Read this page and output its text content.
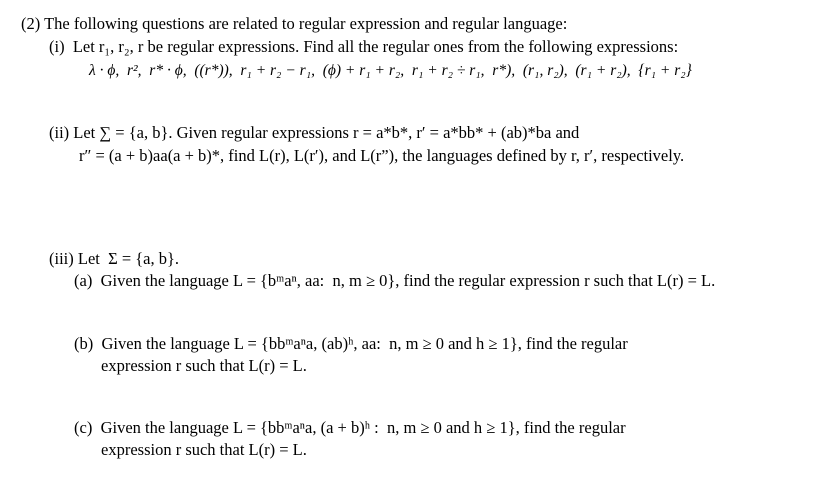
(2) The following questions are related to regular expression and regular language:
(i)  Let r₁, r₂, r be regular expressions. Find all the regular ones from the following expressions:
λ · ϕ,  r²,  r* · ϕ,  ((r*)),  r₁ + r₂ − r₁,  (ϕ) + r₁ + r₂,  r₁ + r₂ ÷ r₁,  r*),  (r₁, r₂),  (r₁ + r₂),  {r₁ + r₂}
(ii) Let ∑ = {a, b}. Given regular expressions r = a*b*, r′ = a*bb* + (ab)*ba and
r″ = (a + b)aa(a + b)*, find L(r), L(r′), and L(r”), the languages defined by r, r′, respectively.
(iii) Let  Σ = {a, b}.
(a)  Given the language L = {bᵐaⁿ, aa:  n, m ≥ 0}, find the regular expression r such that L(r) = L.
(b)  Given the language L = {bbᵐaⁿa, (ab)ʰ, aa:  n, m ≥ 0 and h ≥ 1}, find the regular
expression r such that L(r) = L.
(c)  Given the language L = {bbᵐaⁿa, (a + b)ʰ :  n, m ≥ 0 and h ≥ 1}, find the regular
expression r such that L(r) = L.
